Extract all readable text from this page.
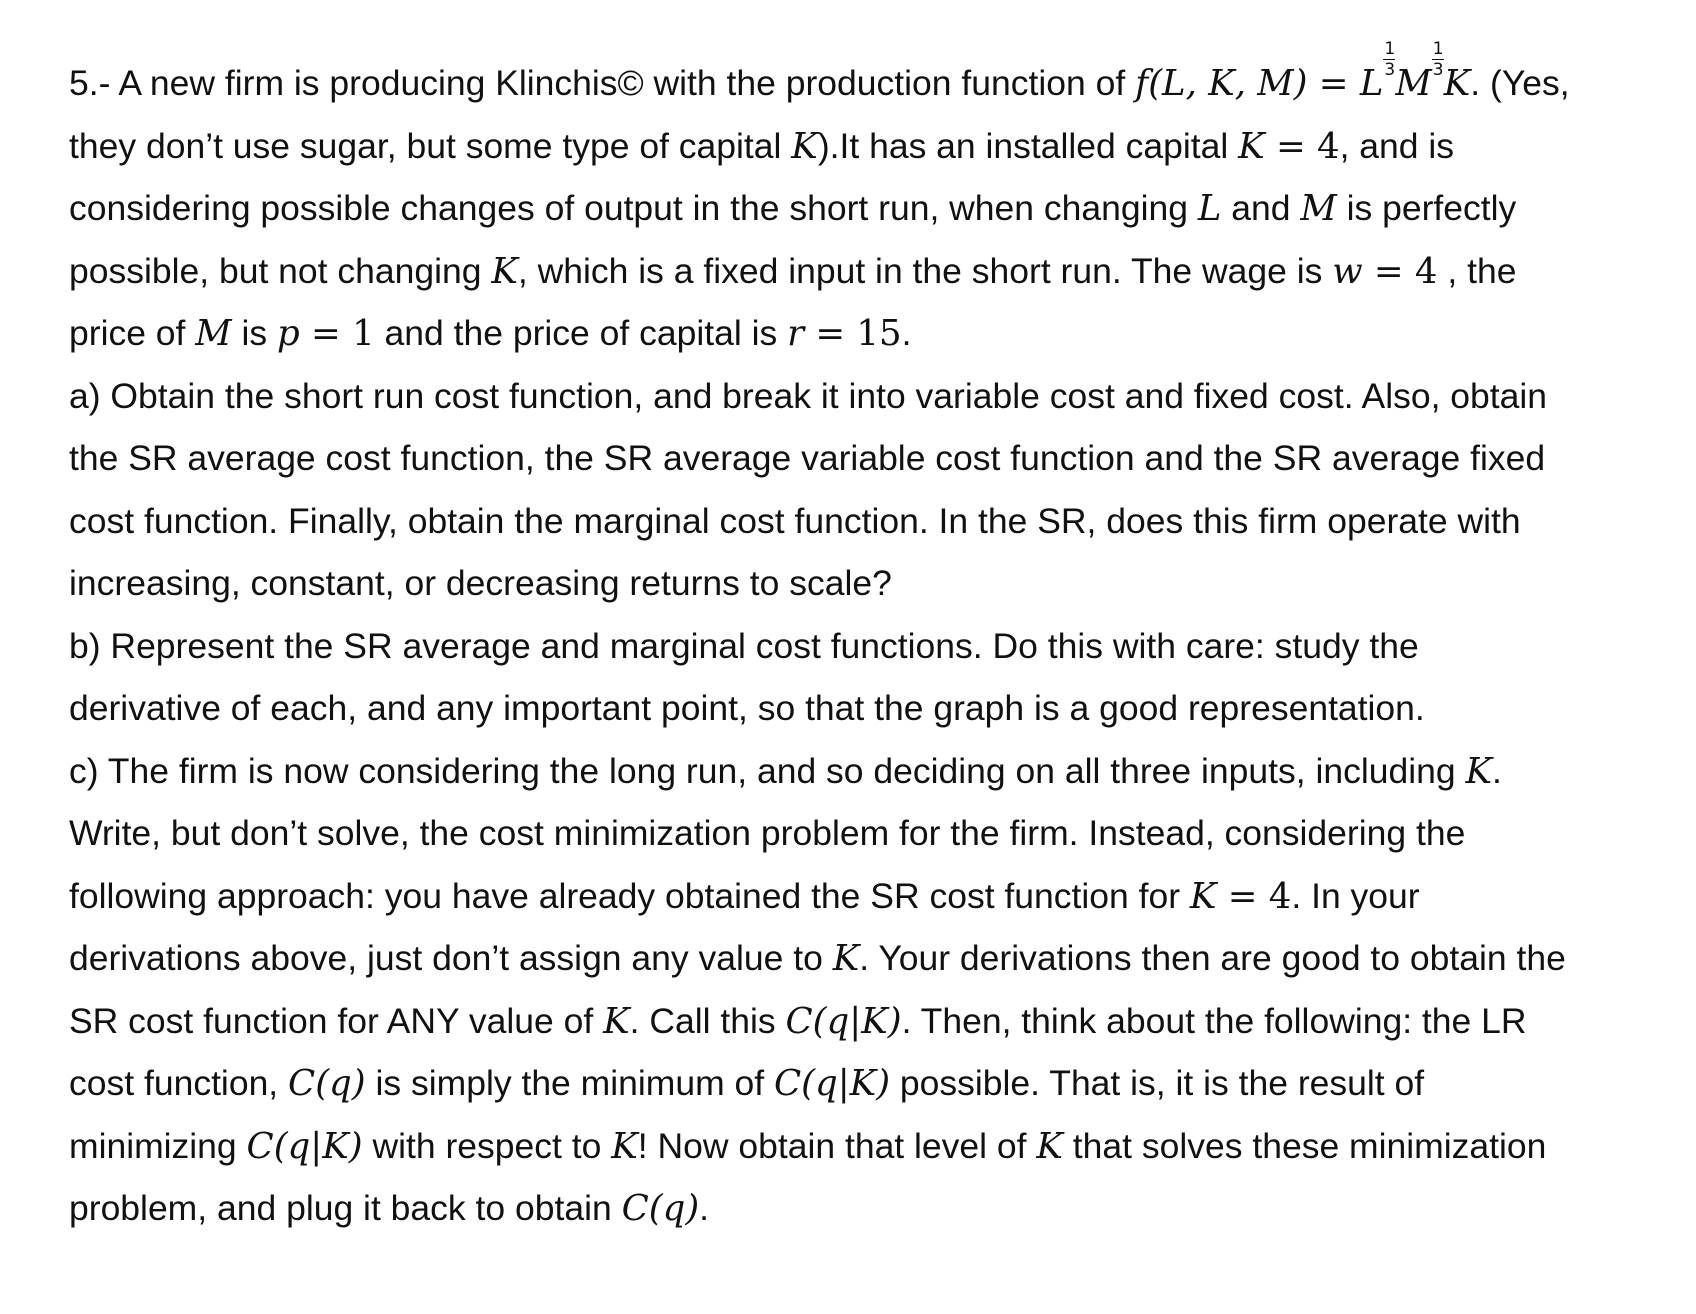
5.- A new firm is producing Klinchis© with the production function of f(L, K, M) = L $\frac{1}{3}$ M $\frac{1}{3} K$. (Yes,
they don’t use sugar, but some type of capital K).It has an installed capital K = 4, and is
considering possible changes of output in the short run, when changing L and M is perfectly
possible, but not changing K, which is a fixed input in the short run. The wage is w = 4 , the
price of M is p = 1 and the price of capital is r = 15.
a) Obtain the short run cost function, and break it into variable cost and fixed cost. Also, obtain
the SR average cost function, the SR average variable cost function and the SR average fixed
cost function. Finally, obtain the marginal cost function. In the SR, does this firm operate with
increasing, constant, or decreasing returns to scale?
b) Represent the SR average and marginal cost functions. Do this with care: study the
derivative of each, and any important point, so that the graph is a good representation.
c) The firm is now considering the long run, and so deciding on all three inputs, including K.
Write, but don’t solve, the cost minimization problem for the firm. Instead, considering the
following approach: you have already obtained the SR cost function for K = 4. In your
derivations above, just don’t assign any value to K. Your derivations then are good to obtain the
SR cost function for ANY value of K. Call this C(q|K). Then, think about the following: the LR
cost function, C(q) is simply the minimum of C(q|K) possible. That is, it is the result of
minimizing C(q|K) with respect to K! Now obtain that level of K that solves these minimization
problem, and plug it back to obtain C(q).
